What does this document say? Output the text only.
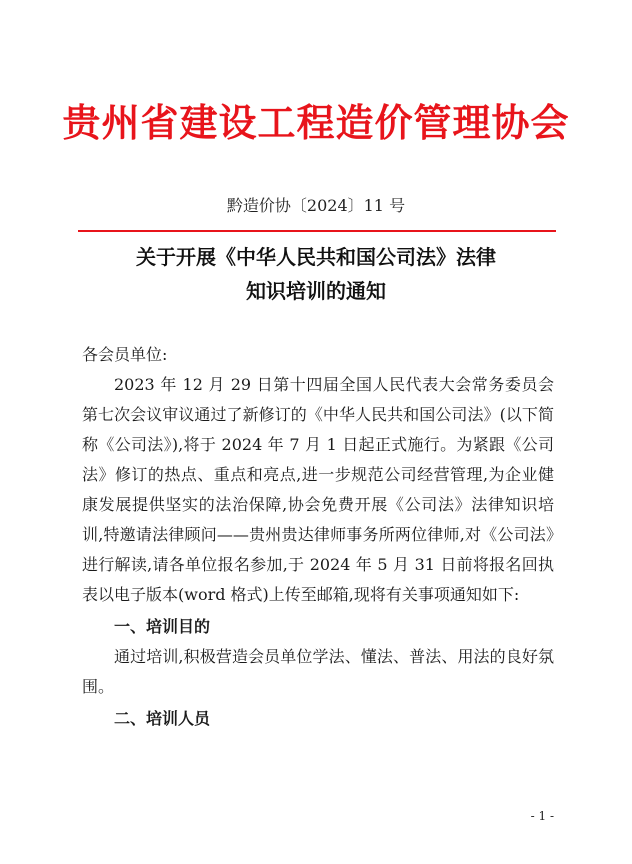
贵州省建设工程造价管理协会
黔造价协〔2024〕11 号
关于开展《中华人民共和国公司法》法律
知识培训的通知

各会员单位:

2023 年 12 月 29 日第十四届全国人民代表大会常务委员会第七次会议审议通过了新修订的《中华人民共和国公司法》(以下简称《公司法》),将于 2024 年 7 月 1 日起正式施行。为紧跟《公司法》修订的热点、重点和亮点,进一步规范公司经营管理,为企业健康发展提供坚实的法治保障,协会免费开展《公司法》法律知识培训,特邀请法律顾问——贵州贵达律师事务所两位律师,对《公司法》进行解读,请各单位报名参加,于 2024 年 5 月 31 日前将报名回执表以电子版本(word 格式)上传至邮箱,现将有关事项通知如下:

一、培训目的

通过培训,积极营造会员单位学法、懂法、普法、用法的良好氛围。

二、培训人员

- 1 -
